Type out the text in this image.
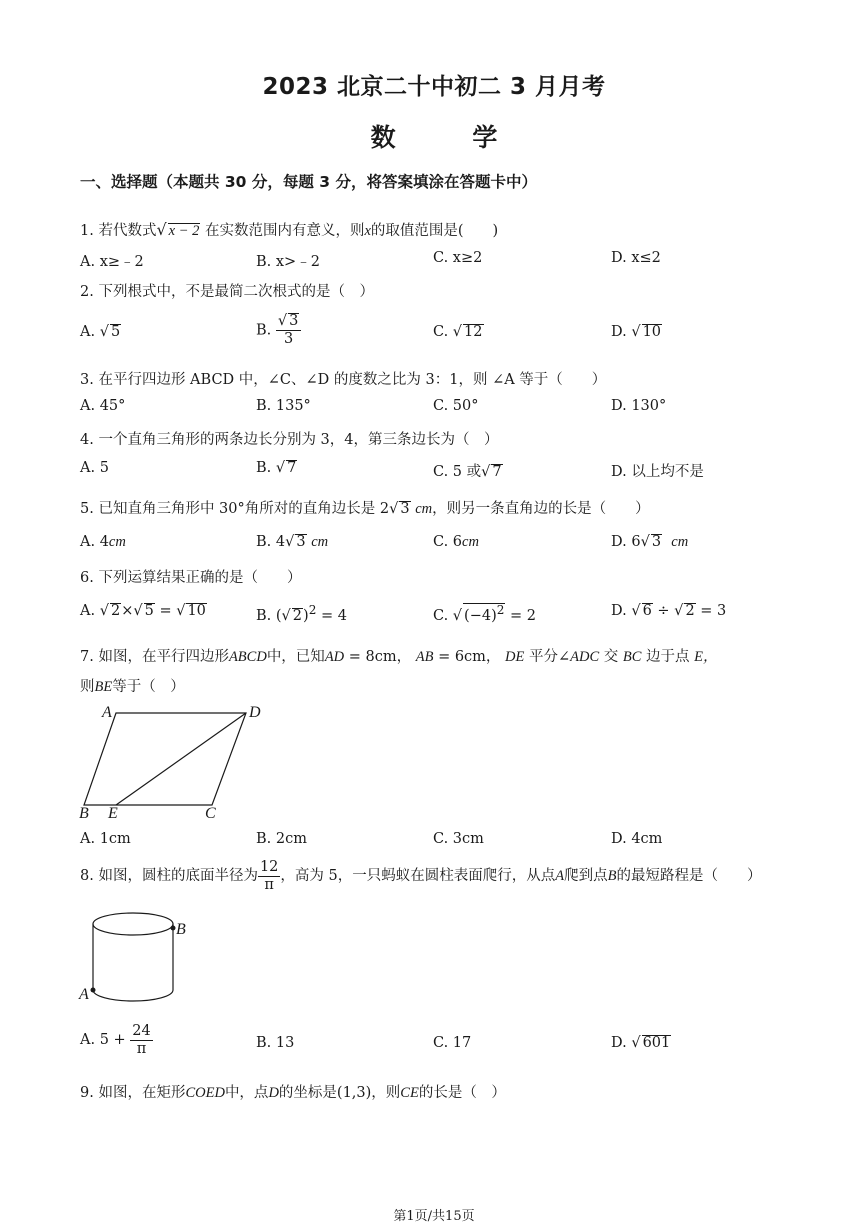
2023 北京二十中初二 3 月月考
数 学
一、选择题（本题共 30 分，每题 3 分，将答案填涂在答题卡中）
1. 若代数式√ x − 2 在实数范围内有意义，则x的取值范围是(　　)
A. x≥﹣2	B. x>﹣2	C. x≥2	D. x≤2
2. 下列根式中，不是最简二次根式的是（　）
A. √ 5	B. $\frac{√ 3}{3}$	C. √ 12	D. √ 10
3. 在平行四边形 ABCD 中，∠C、∠D 的度数之比为 3：1，则 ∠A 等于（　　）
A. 45°	B. 135°	C. 50°	D. 130°
4. 一个直角三角形的两条边长分别为 3，4，第三条边长为（　）
A. 5	B. √ 7	C. 5 或√ 7	D. 以上均不是
5. 已知直角三角形中 30°角所对的直角边长是 2√ 3 cm，则另一条直角边的长是（　　）
A. 4cm	B. 4√ 3 cm	C. 6cm	D. 6√ 3 cm
6. 下列运算结果正确的是（　　）
A. √ 2×√ 5 = √ 10	B. (√ 2)$^2$ = 4	C. √ $(-4)^2 = 2$	D. √ 6 ÷ √ 2 = 3
7. 如图，在平行四边形ABCD中，已知AD = 8cm， AB = 6cm， DE 平分∠ADC 交 BC 边于点 E，
则BE等于（　）
A	D
B E	C
A. 1cm	B. 2cm	C. 3cm	D. 4cm
8. 如图，圆柱的底面半径为 $\frac{12}{\pi}$ ，高为 5，一只蚂蚁在圆柱表面爬行，从点A爬到点B的最短路程是（　　）
B
A
A. $5 + \frac{24}{\pi}$	B. 13	C. 17	D. √ 601
9. 如图，在矩形COED中，点D的坐标是(1,3)，则CE的长是（　）
第1页/共15页
